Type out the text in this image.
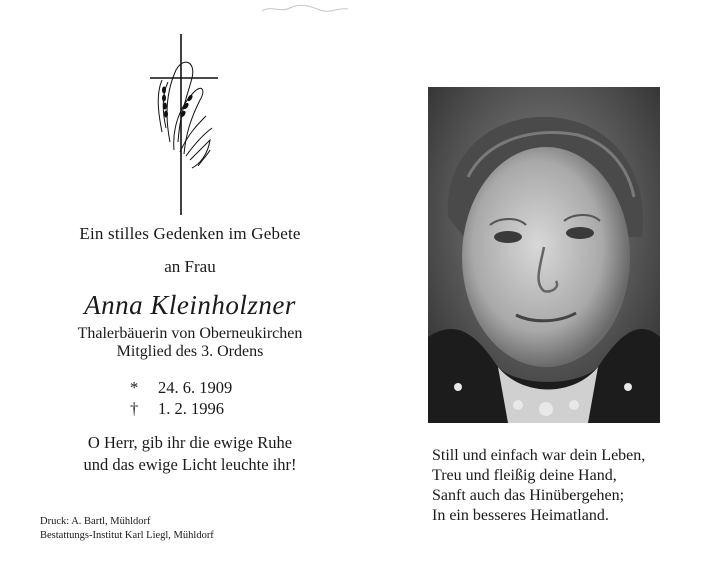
Ein stilles Gedenken im Gebete
an Frau
Anna Kleinholzner
Thalerbäuerin von Oberneukirchen
Mitglied des 3. Ordens
* 24. 6. 1909
† 1. 2. 1996
O Herr, gib ihr die ewige Ruhe
und das ewige Licht leuchte ihr!
Druck: A. Bartl, Mühldorf
Bestattungs-Institut Karl Liegl, Mühldorf
Still und einfach war dein Leben,
Treu und fleißig deine Hand,
Sanft auch das Hinübergehen;
In ein besseres Heimatland.
